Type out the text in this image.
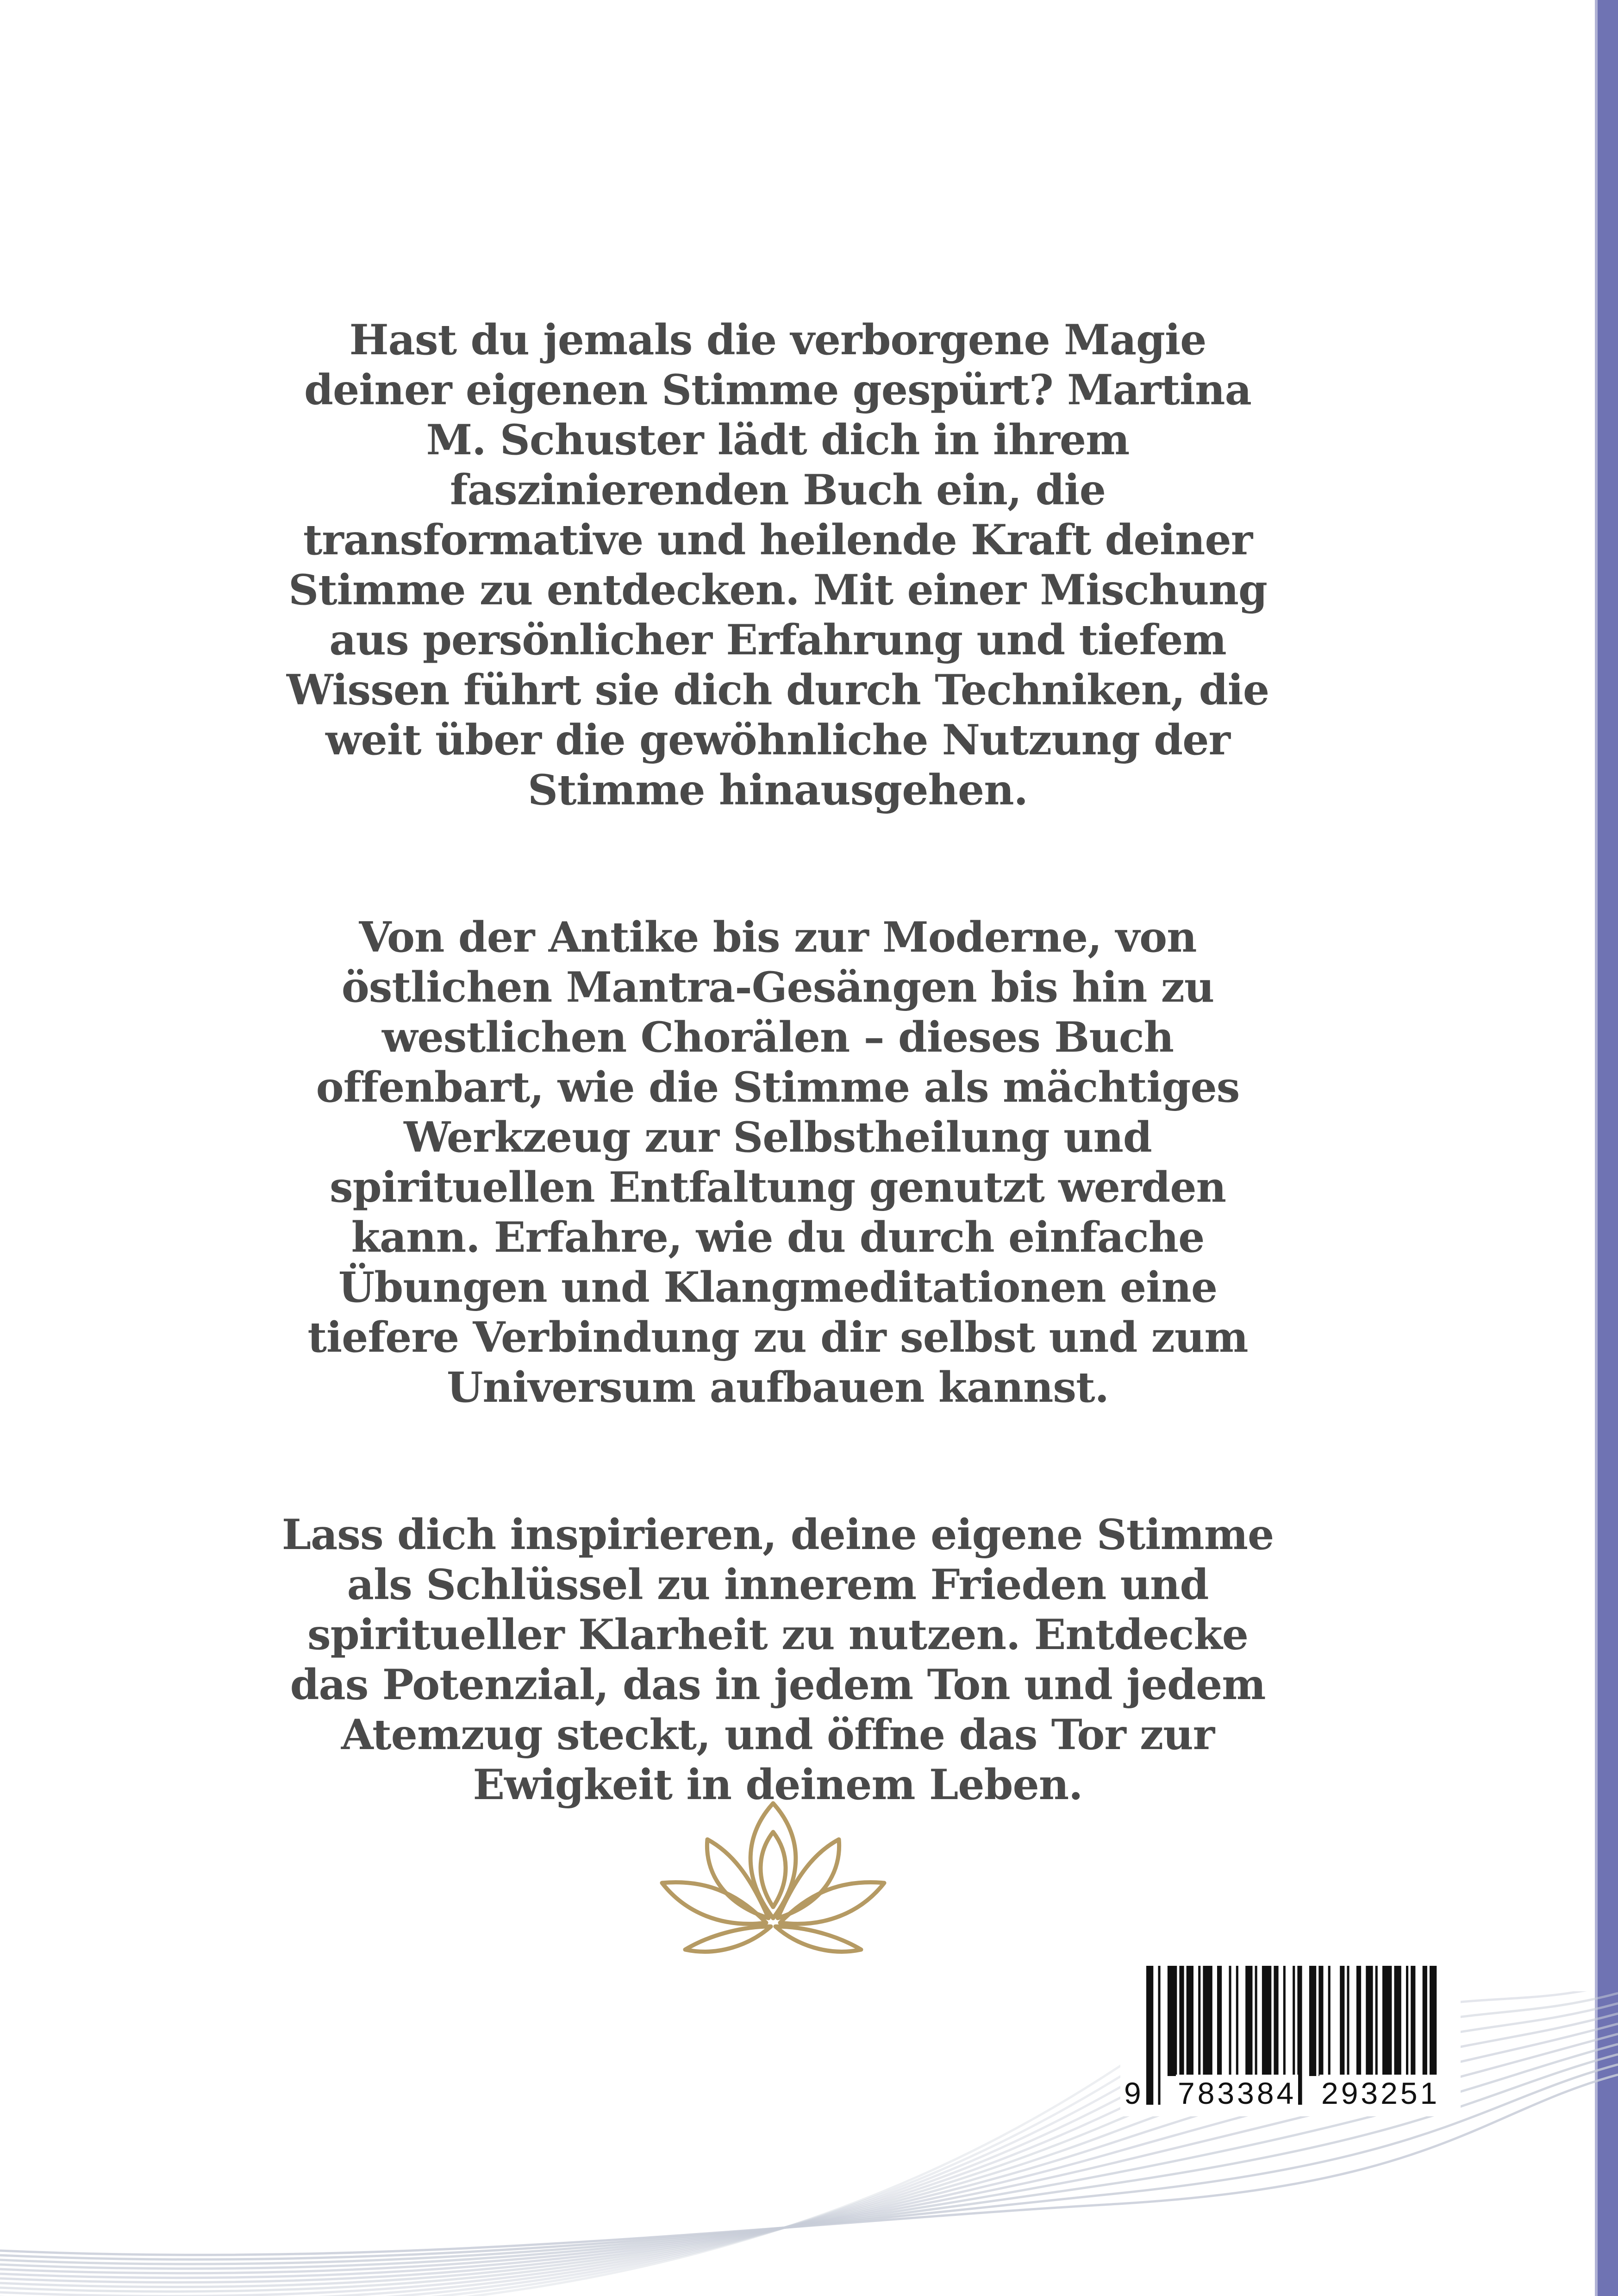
Hast du jemals die verborgene Magie
deiner eigenen Stimme gespürt? Martina
M. Schuster lädt dich in ihrem
faszinierenden Buch ein, die
transformative und heilende Kraft deiner
Stimme zu entdecken. Mit einer Mischung
aus persönlicher Erfahrung und tiefem
Wissen führt sie dich durch Techniken, die
weit über die gewöhnliche Nutzung der
Stimme hinausgehen.

Von der Antike bis zur Moderne, von
östlichen Mantra-Gesängen bis hin zu
westlichen Chorälen – dieses Buch
offenbart, wie die Stimme als mächtiges
Werkzeug zur Selbstheilung und
spirituellen Entfaltung genutzt werden
kann. Erfahre, wie du durch einfache
Übungen und Klangmeditationen eine
tiefere Verbindung zu dir selbst und zum
Universum aufbauen kannst.

Lass dich inspirieren, deine eigene Stimme
als Schlüssel zu innerem Frieden und
spiritueller Klarheit zu nutzen. Entdecke
das Potenzial, das in jedem Ton und jedem
Atemzug steckt, und öffne das Tor zur
Ewigkeit in deinem Leben.

9 783384 293251
